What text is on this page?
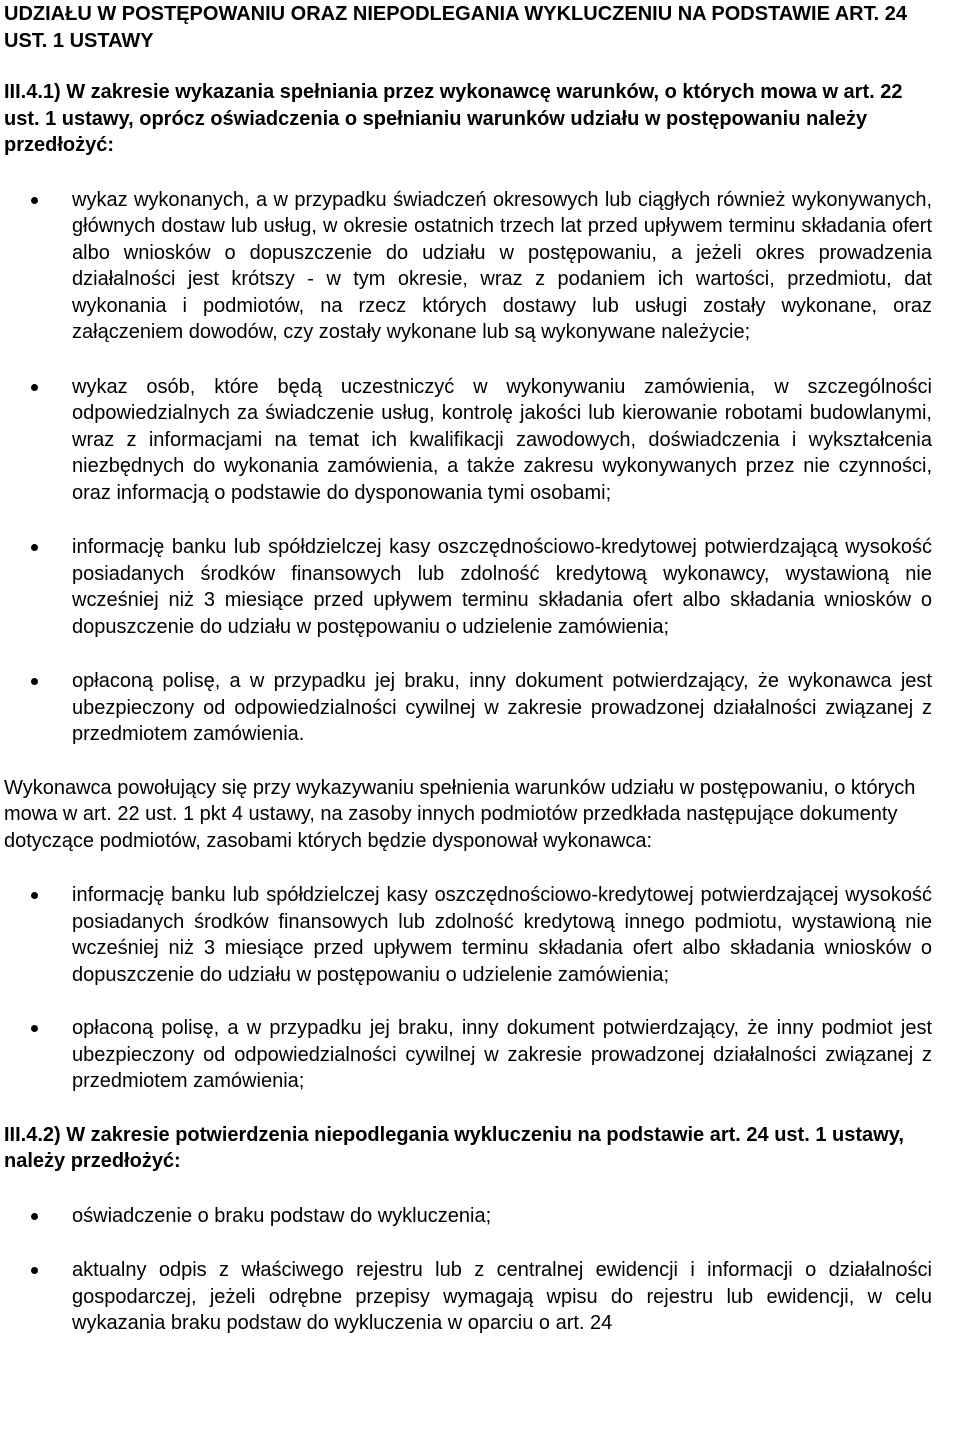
UDZIAŁU W POSTĘPOWANIU ORAZ NIEPODLEGANIA WYKLUCZENIU NA PODSTAWIE ART. 24 UST. 1 USTAWY

III.4.1) W zakresie wykazania spełniania przez wykonawcę warunków, o których mowa w art. 22 ust. 1 ustawy, oprócz oświadczenia o spełnianiu warunków udziału w postępowaniu należy przedłożyć:

wykaz wykonanych, a w przypadku świadczeń okresowych lub ciągłych również wykonywanych, głównych dostaw lub usług, w okresie ostatnich trzech lat przed upływem terminu składania ofert albo wniosków o dopuszczenie do udziału w postępowaniu, a jeżeli okres prowadzenia działalności jest krótszy - w tym okresie, wraz z podaniem ich wartości, przedmiotu, dat wykonania i podmiotów, na rzecz których dostawy lub usługi zostały wykonane, oraz załączeniem dowodów, czy zostały wykonane lub są wykonywane należycie;
wykaz osób, które będą uczestniczyć w wykonywaniu zamówienia, w szczególności odpowiedzialnych za świadczenie usług, kontrolę jakości lub kierowanie robotami budowlanymi, wraz z informacjami na temat ich kwalifikacji zawodowych, doświadczenia i wykształcenia niezbędnych do wykonania zamówienia, a także zakresu wykonywanych przez nie czynności, oraz informacją o podstawie do dysponowania tymi osobami;
informację banku lub spółdzielczej kasy oszczędnościowo-kredytowej potwierdzającą wysokość posiadanych środków finansowych lub zdolność kredytową wykonawcy, wystawioną nie wcześniej niż 3 miesiące przed upływem terminu składania ofert albo składania wniosków o dopuszczenie do udziału w postępowaniu o udzielenie zamówienia;
opłaconą polisę, a w przypadku jej braku, inny dokument potwierdzający, że wykonawca jest ubezpieczony od odpowiedzialności cywilnej w zakresie prowadzonej działalności związanej z przedmiotem zamówienia.

Wykonawca powołujący się przy wykazywaniu spełnienia warunków udziału w postępowaniu, o których mowa w art. 22 ust. 1 pkt 4 ustawy, na zasoby innych podmiotów przedkłada następujące dokumenty dotyczące podmiotów, zasobami których będzie dysponował wykonawca:

informację banku lub spółdzielczej kasy oszczędnościowo-kredytowej potwierdzającej wysokość posiadanych środków finansowych lub zdolność kredytową innego podmiotu, wystawioną nie wcześniej niż 3 miesiące przed upływem terminu składania ofert albo składania wniosków o dopuszczenie do udziału w postępowaniu o udzielenie zamówienia;
opłaconą polisę, a w przypadku jej braku, inny dokument potwierdzający, że inny podmiot jest ubezpieczony od odpowiedzialności cywilnej w zakresie prowadzonej działalności związanej z przedmiotem zamówienia;

III.4.2) W zakresie potwierdzenia niepodlegania wykluczeniu na podstawie art. 24 ust. 1 ustawy, należy przedłożyć:

oświadczenie o braku podstaw do wykluczenia;
aktualny odpis z właściwego rejestru lub z centralnej ewidencji i informacji o działalności gospodarczej, jeżeli odrębne przepisy wymagają wpisu do rejestru lub ewidencji, w celu wykazania braku podstaw do wykluczenia w oparciu o art. 24
